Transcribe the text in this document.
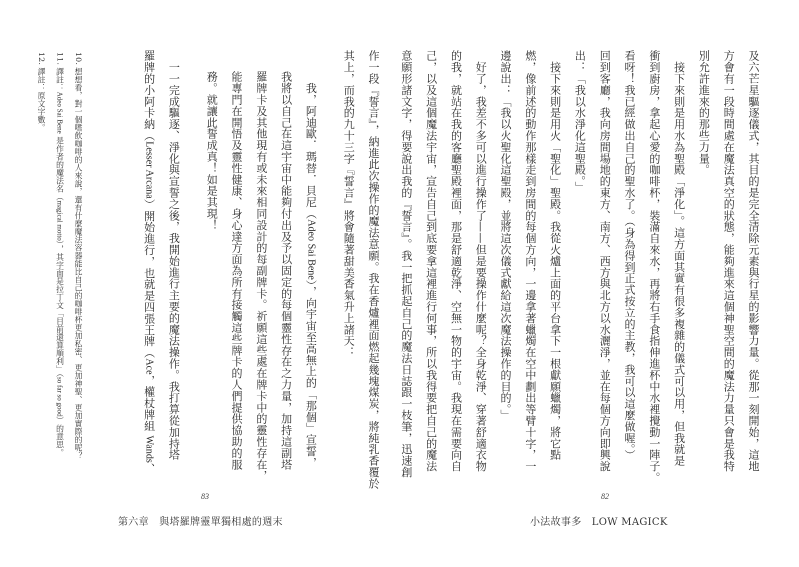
及六芒星驅逐儀式，其目的是完全清除元素與行星的影響力量。從那一刻開始，這地

方會有一段時間處在魔法真空的狀態，能夠進來這個神聖空間的魔法力量只會是我特

別允許進來的那些力量。

　接下來則是用水為聖殿「淨化」。這方面其實有很多複雜的儀式可以用，但我就是

衝到廚房，拿起心愛的咖啡杯，裝滿自來水，再將右手食指伸進杯中水裡攪動一陣子。

看呀！我已經做出自己的聖水了。（身為得到正式按立的主教，我可以這麼做喔。）

回到客廳，我向房間場地的東方、南方、西方與北方以水灑淨，並在每個方向即興說

出：「我以水淨化這聖殿。」

　接下來則是用火「聖化」聖殿。我從火爐上面的平台拿下一根獻願蠟燭，將它點

燃，像前述的動作那樣走到房間的每個方向，一邊拿著蠟燭在空中劃出等臂十字，一

邊說出：「我以火聖化這聖殿，並將這次儀式獻給這次魔法操作的目的。」

　好了，我差不多可以進行操作了——但是要操作什麼呢？全身乾淨、穿著舒適衣物

的我，就站在我的客廳聖殿裡面，那是舒適乾淨、空無一物的宇宙。我現在需要向自

己，以及這個魔法宇宙，宣告自己到底要拿這裡進行何事，所以我得要把自己的魔法

意願形諸文字，得要說出我的『誓言』。我一把抓起自己的魔法日誌跟一枝筆，迅速創

作一段『誓言』，納進此次操作的魔法意願。我在香爐裡面燃起幾塊煤炭，將純乳香覆於

其上，而我的九十三字『誓言』將會隨著甜美香氣升上諸天：

　我，阿迪歐．瑪替．貝尼（Adeo Sai Bene），向宇宙至高無上的「那個」宣誓，

我將以自己在這宇宙中能夠付出及予以固定的每個靈性存在之力量，加持這副塔

羅牌卡及其他現有或未來相同設計的每副牌卡。祈願這些處在牌卡中的靈性存在，

能專門在開悟及靈性健康、身心達方面為所有接觸這些牌卡的人們提供協助的服

務。就讓此誓成真！如是其現！

　一一完成驅逐、淨化與宣誓之後，我開始進行主要的魔法操作。我打算從加持塔

羅牌的小阿卡納（Lesser Arcana）開始進行，也就是四張王牌（Ace，權杖牌組 Wands、

10. 想想看，對一個嗜飲咖啡的人來說，還有什麼魔法容器能比自己的咖啡杯更加私密、更加神聖、更加實際的呢？

11. 譯註：Adeo Sai Bene 是作者的魔法名（magical motto），其字面是拉丁文「目前還算順利」（so far so good）的意思。

12. 譯註：原文字數。

83
第六章　與塔羅牌靈單獨相處的週末
82
小法故事多　LOW MAGICK
